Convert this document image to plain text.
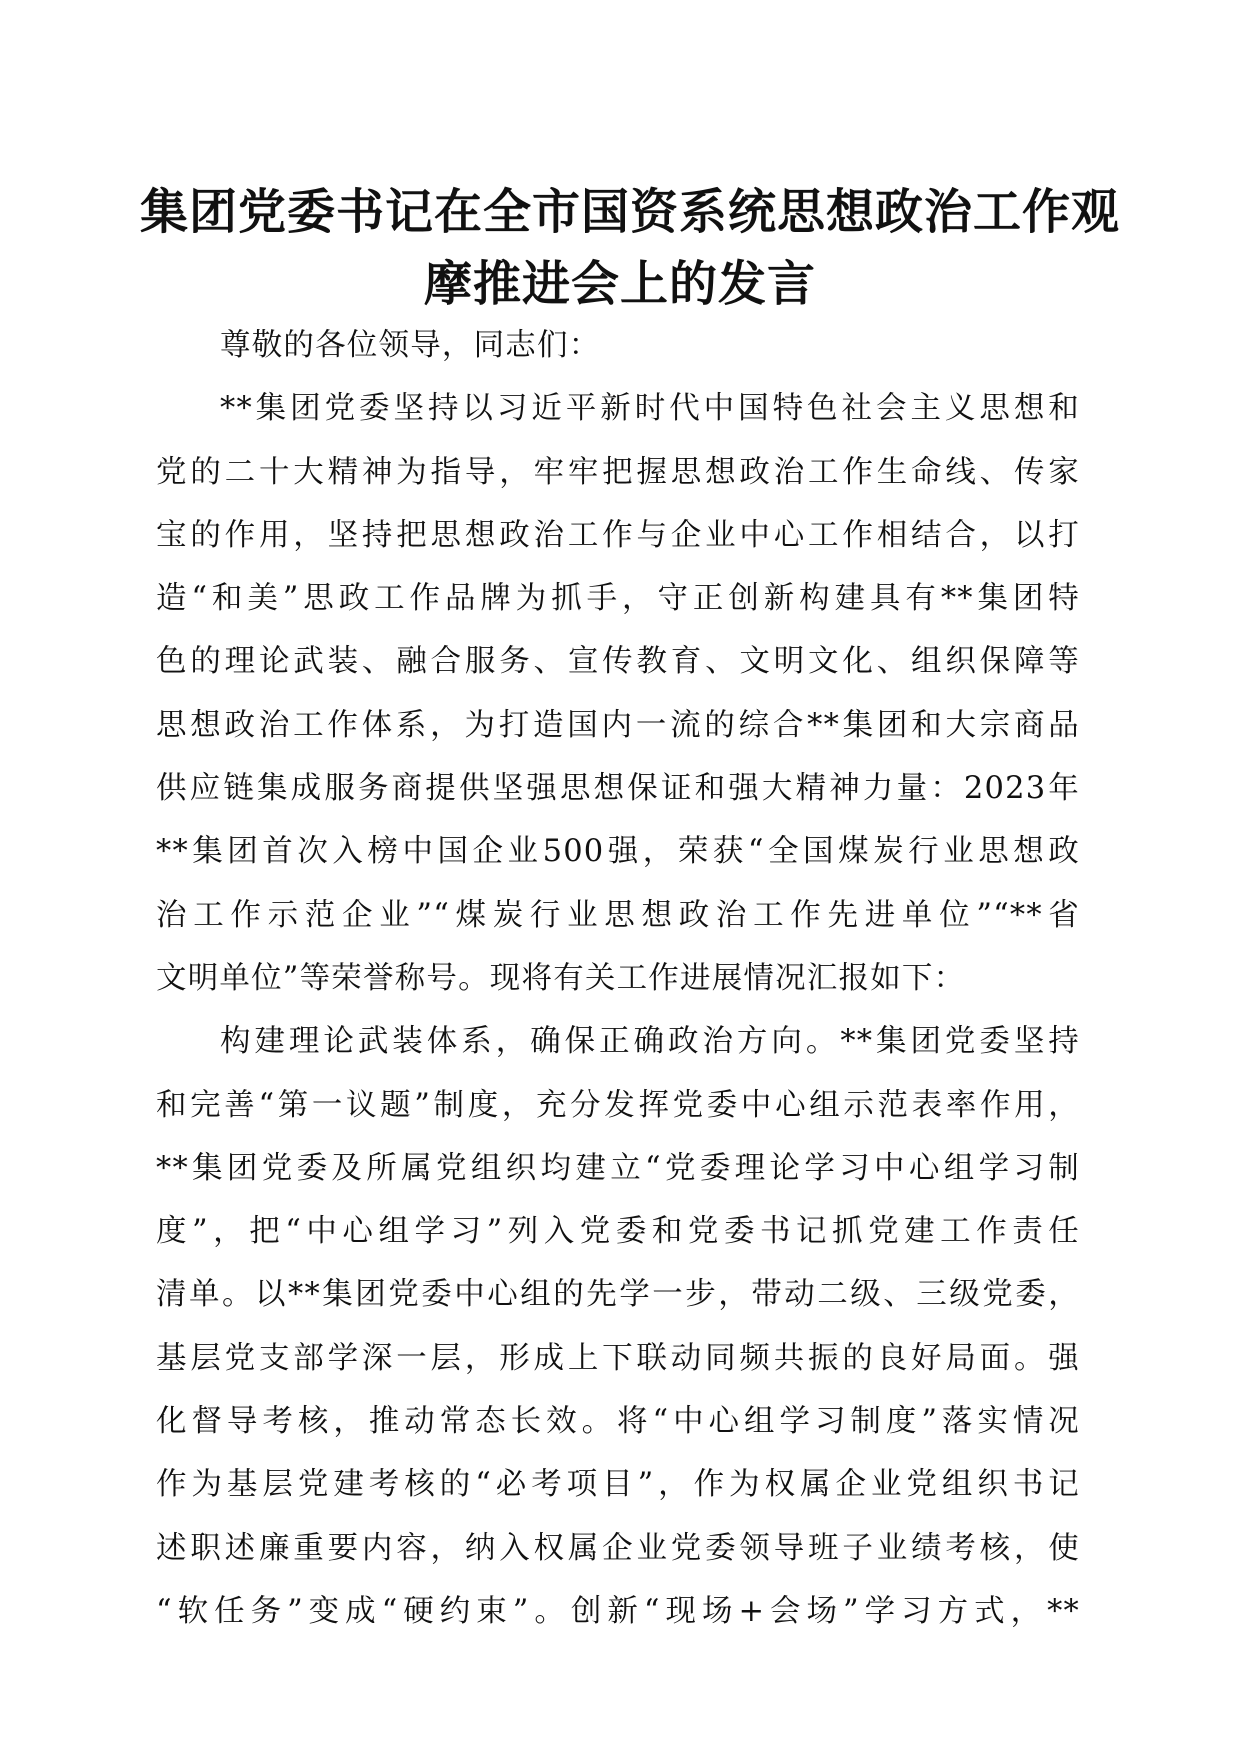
集团党委书记在全市国资系统思想政治工作观
摩推进会上的发言
尊敬的各位领导，同志们：
**集团党委坚持以习近平新时代中国特色社会主义思想和
党的二十大精神为指导，牢牢把握思想政治工作生命线、传家
宝的作用，坚持把思想政治工作与企业中心工作相结合，以打
造“和美”思政工作品牌为抓手，守正创新构建具有**集团特
色的理论武装、融合服务、宣传教育、文明文化、组织保障等
思想政治工作体系，为打造国内一流的综合**集团和大宗商品
供应链集成服务商提供坚强思想保证和强大精神力量：2023年
**集团首次入榜中国企业500强，荣获“全国煤炭行业思想政
治工作示范企业”“煤炭行业思想政治工作先进单位”“**省
文明单位”等荣誉称号。现将有关工作进展情况汇报如下：
构建理论武装体系，确保正确政治方向。**集团党委坚持
和完善“第一议题”制度，充分发挥党委中心组示范表率作用，
**集团党委及所属党组织均建立“党委理论学习中心组学习制
度”，把“中心组学习”列入党委和党委书记抓党建工作责任
清单。以**集团党委中心组的先学一步，带动二级、三级党委，
基层党支部学深一层，形成上下联动同频共振的良好局面。强
化督导考核，推动常态长效。将“中心组学习制度”落实情况
作为基层党建考核的“必考项目”，作为权属企业党组织书记
述职述廉重要内容，纳入权属企业党委领导班子业绩考核，使
“软任务”变成“硬约束”。创新“现场+会场”学习方式，**
